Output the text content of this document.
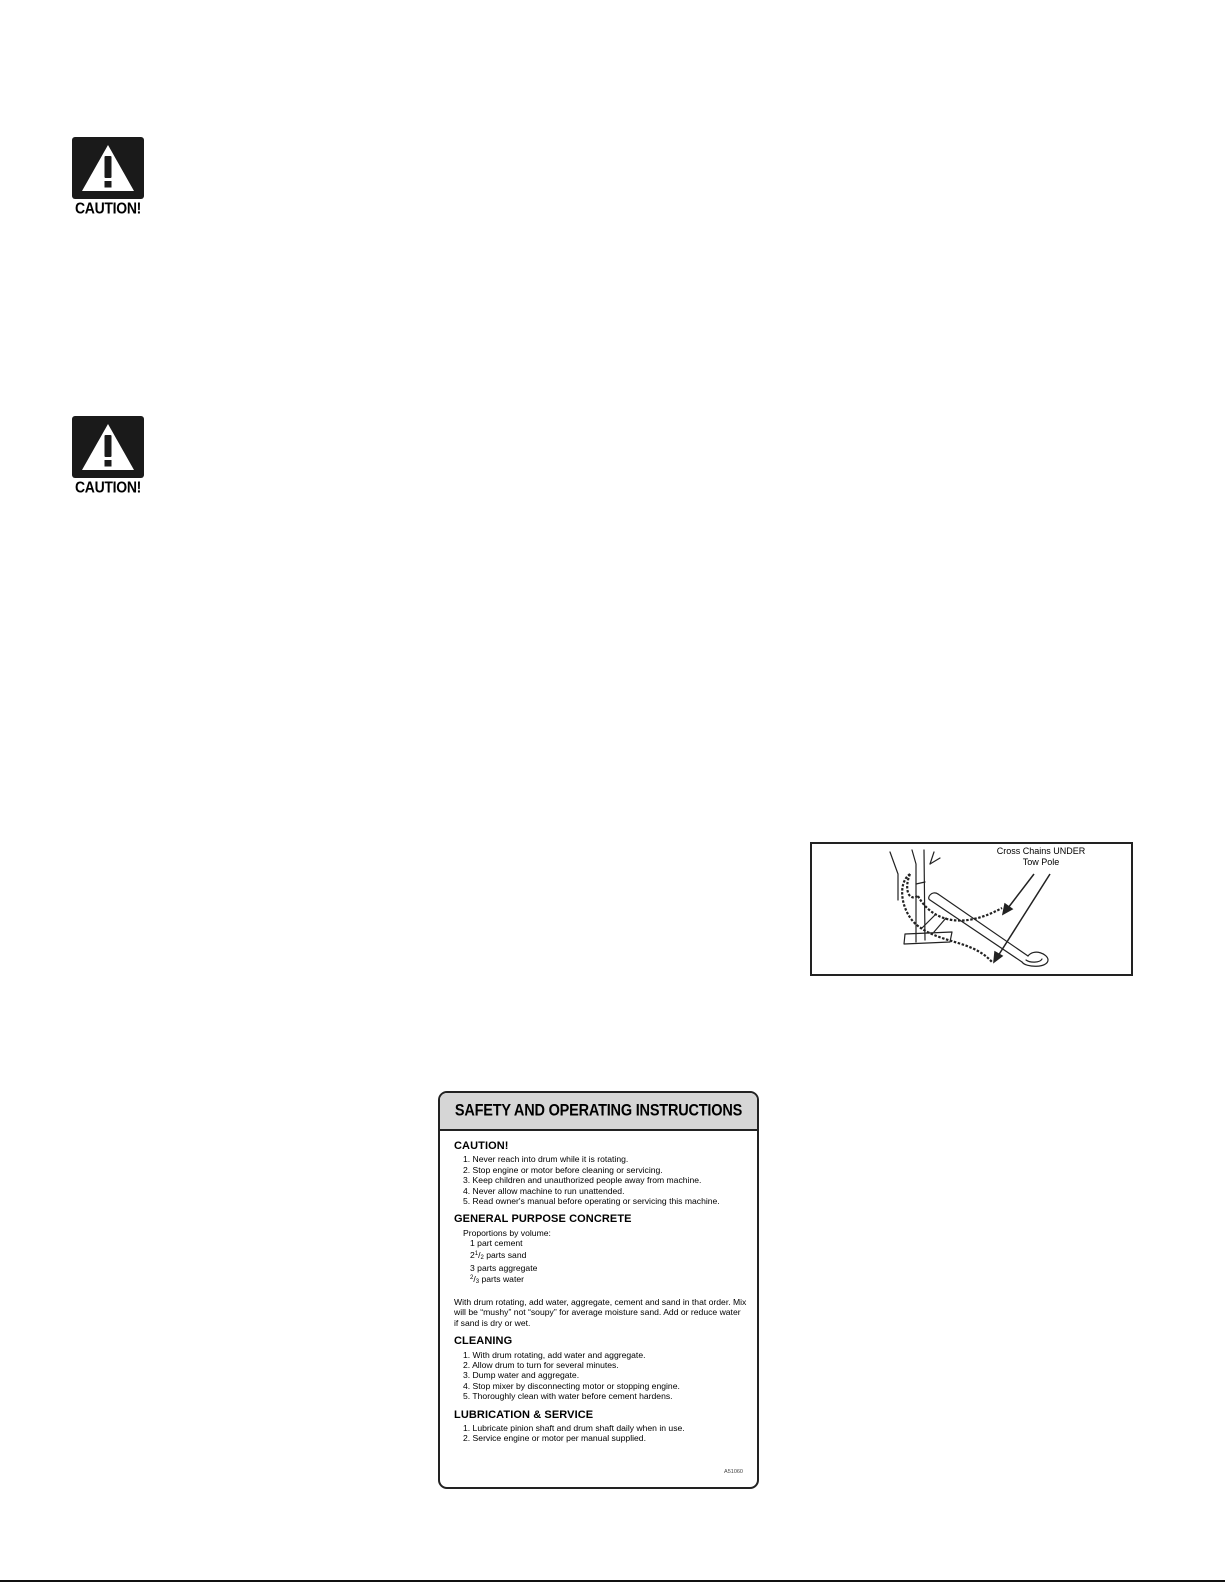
CAUTION!
CAUTION!
Cross Chains UNDER
Tow Pole
SAFETY AND OPERATING INSTRUCTIONS
CAUTION!
1. Never reach into drum while it is rotating.
2. Stop engine or motor before cleaning or servicing.
3. Keep children and unauthorized people away from machine.
4. Never allow machine to run unattended.
5. Read owner's manual before operating or servicing this machine.
GENERAL PURPOSE CONCRETE
Proportions by volume:
1 part cement
$2^1/2$ parts sand
3 parts aggregate
$^2$/3 parts water
With drum rotating, add water, aggregate, cement and sand in that order. Mix will be “mushy” not “soupy” for average moisture sand. Add or reduce water if sand is dry or wet.
CLEANING
1. With drum rotating, add water and aggregate.
2. Allow drum to turn for several minutes.
3. Dump water and aggregate.
4. Stop mixer by disconnecting motor or stopping engine.
5. Thoroughly clean with water before cement hardens.
LUBRICATION & SERVICE
1. Lubricate pinion shaft and drum shaft daily when in use.
2. Service engine or motor per manual supplied.
A51060
